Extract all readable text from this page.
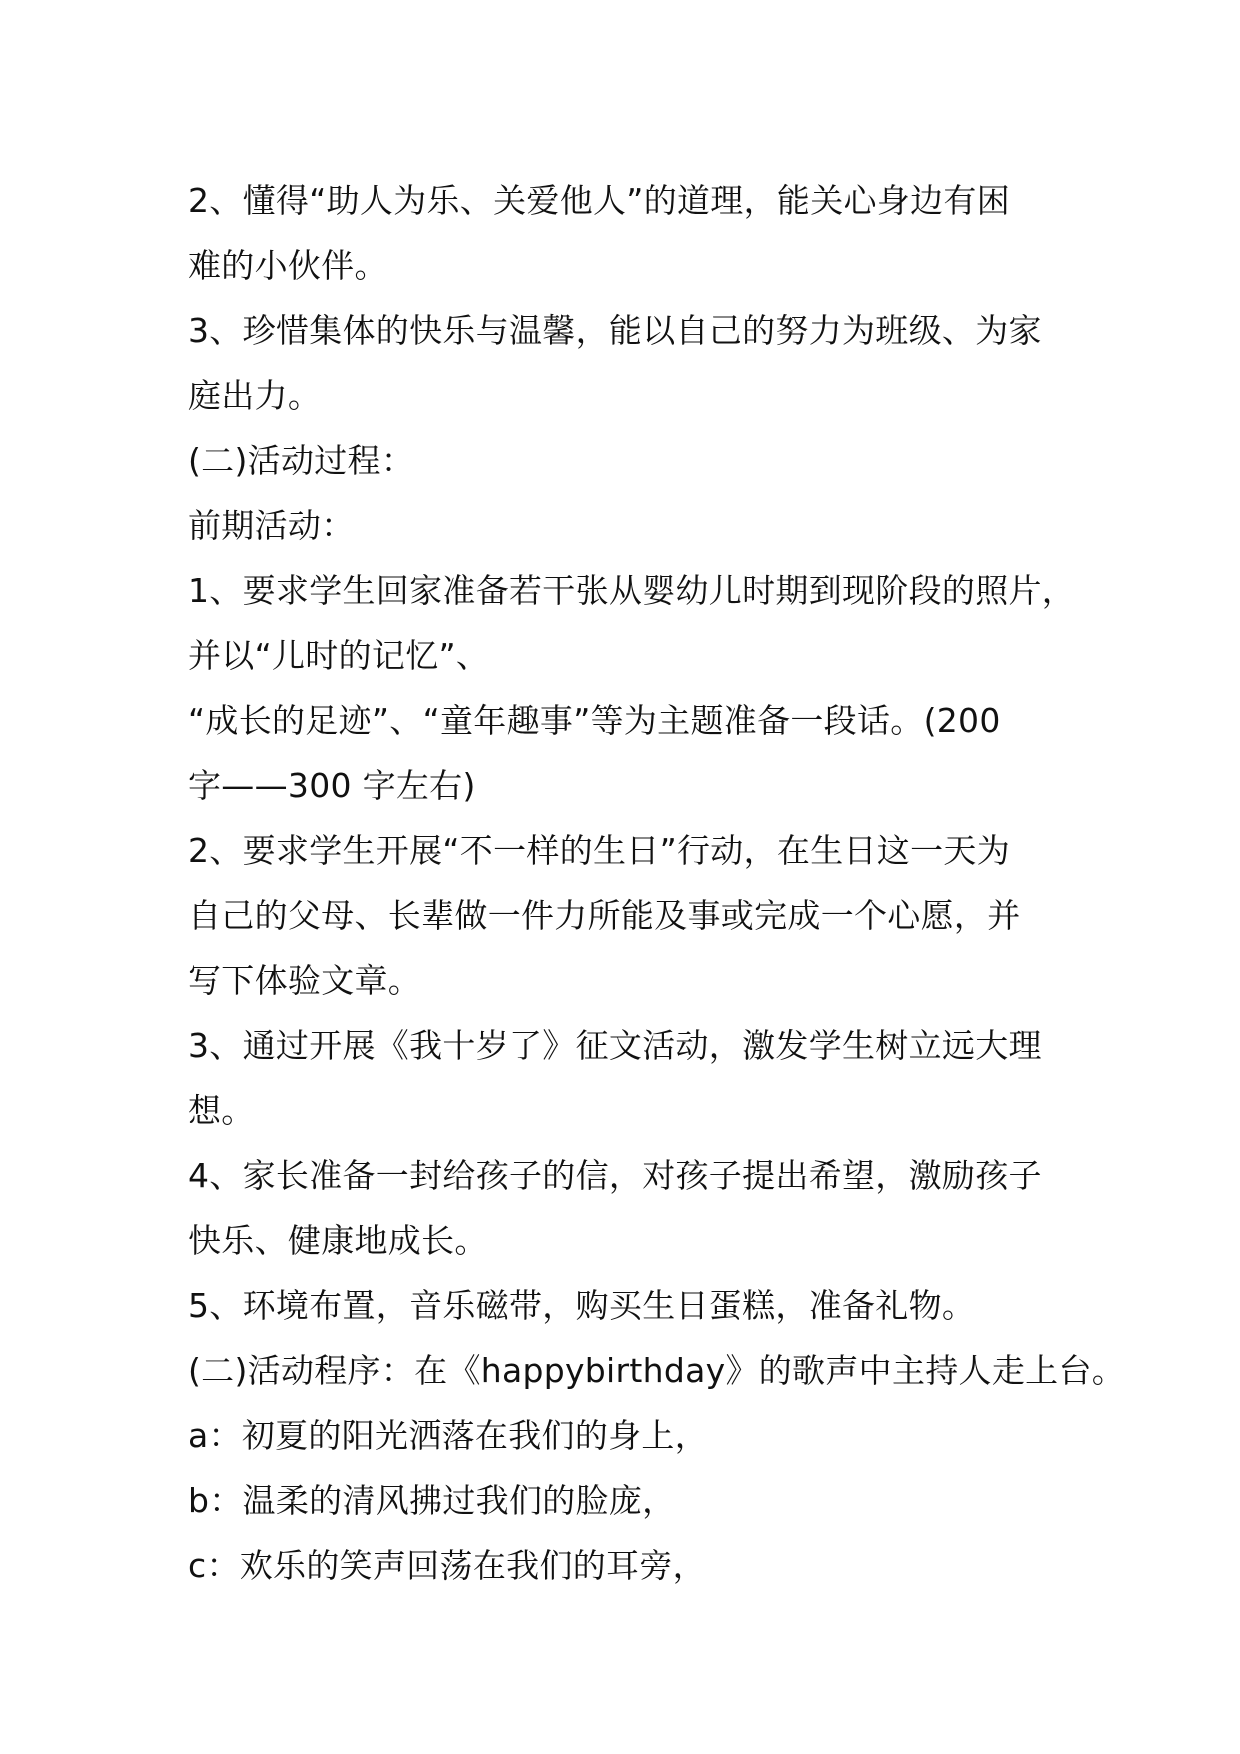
2、懂得“助人为乐、关爱他人”的道理，能关心身边有困
难的小伙伴。
3、珍惜集体的快乐与温馨，能以自己的努力为班级、为家
庭出力。
(二)活动过程：
前期活动：
1、要求学生回家准备若干张从婴幼儿时期到现阶段的照片，
并以“儿时的记忆”、
“成长的足迹”、“童年趣事”等为主题准备一段话。(200
字——300 字左右)
2、要求学生开展“不一样的生日”行动，在生日这一天为
自己的父母、长辈做一件力所能及事或完成一个心愿，并
写下体验文章。
3、通过开展《我十岁了》征文活动，激发学生树立远大理
想。
4、家长准备一封给孩子的信，对孩子提出希望，激励孩子
快乐、健康地成长。
5、环境布置，音乐磁带，购买生日蛋糕，准备礼物。
(二)活动程序：在《happybirthday》的歌声中主持人走上台。
a：初夏的阳光洒落在我们的身上，
b：温柔的清风拂过我们的脸庞，
c：欢乐的笑声回荡在我们的耳旁，
